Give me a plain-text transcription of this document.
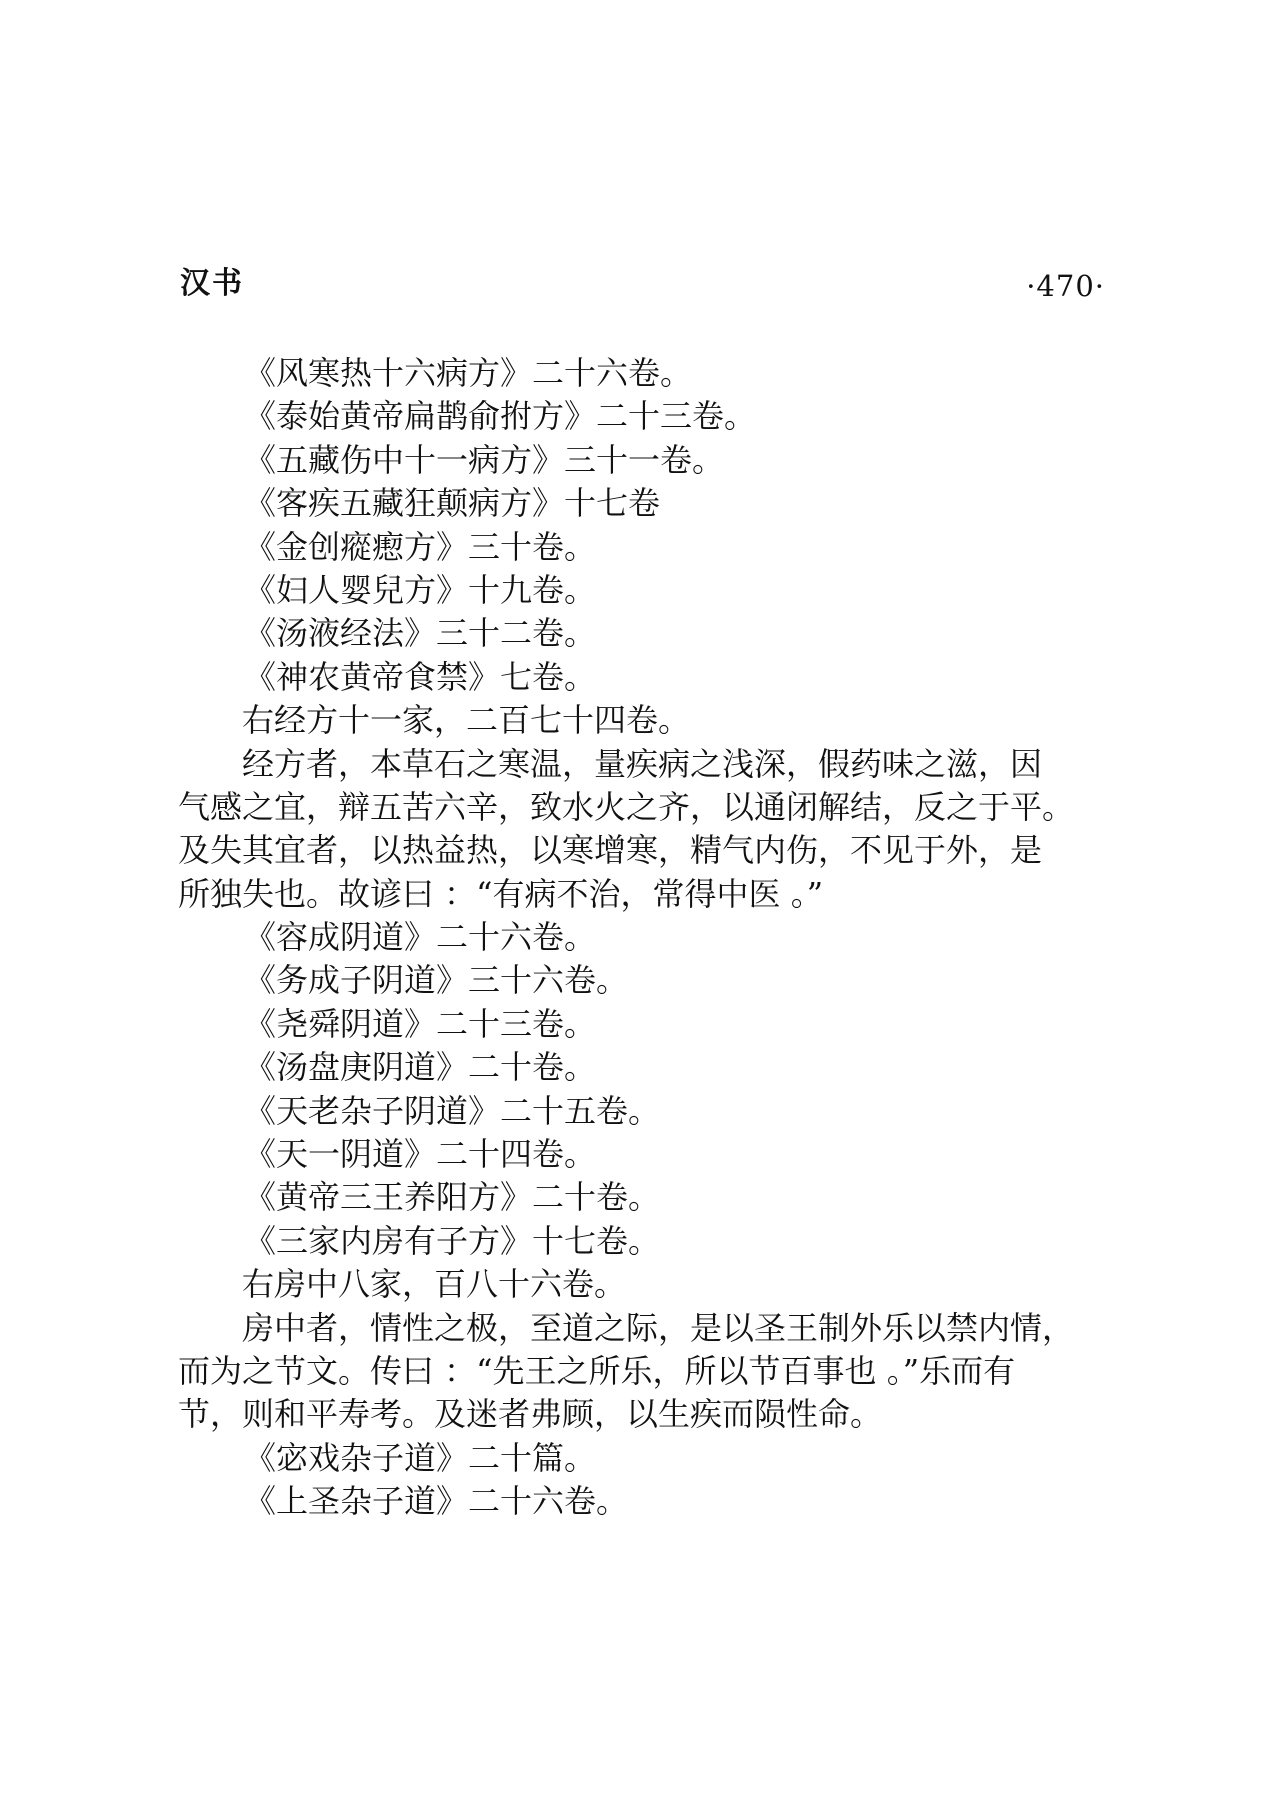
汉书	·470·
《风寒热十六病方》二十六卷。
《泰始黄帝扁鹊俞拊方》二十三卷。
《五藏伤中十一病方》三十一卷。
《客疾五藏狂颠病方》十七卷
《金创瘲瘛方》三十卷。
《妇人婴兒方》十九卷。
《汤液经法》三十二卷。
《神农黄帝食禁》七卷。
右经方十一家，二百七十四卷。
经方者，本草石之寒温，量疾病之浅深，假药味之滋，因
气感之宜，辩五苦六辛，致水火之齐，以通闭解结，反之于平。
及失其宜者，以热益热，以寒增寒，精气内伤，不见于外，是
所独失也。故谚曰 ：“有病不治，常得中医 。”
《容成阴道》二十六卷。
《务成子阴道》三十六卷。
《尧舜阴道》二十三卷。
《汤盘庚阴道》二十卷。
《天老杂子阴道》二十五卷。
《天一阴道》二十四卷。
《黄帝三王养阳方》二十卷。
《三家内房有子方》十七卷。
右房中八家，百八十六卷。
房中者，情性之极，至道之际，是以圣王制外乐以禁内情，
而为之节文。传曰 ：“先王之所乐，所以节百事也 。”乐而有
节，则和平寿考。及迷者弗顾，以生疾而陨性命。
《宓戏杂子道》二十篇。
《上圣杂子道》二十六卷。
